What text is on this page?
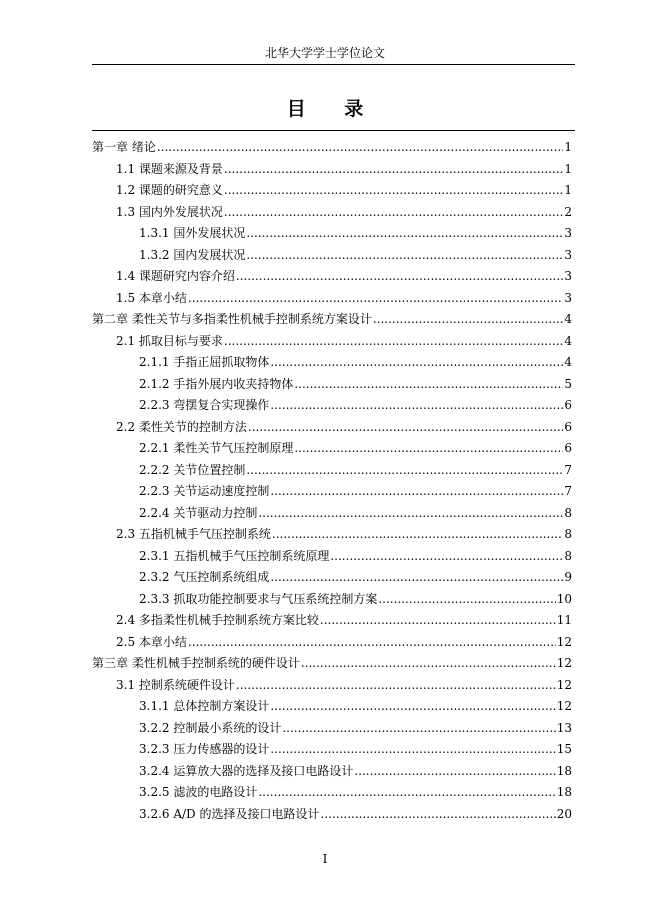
北华大学学士学位论文
目 录
第一章 绪论 .....	1
1.1 课题来源及背景 .....	1
1.2 课题的研究意义 .....	1
1.3 国内外发展状况 .....	2
1.3.1 国外发展状况 .....	3
1.3.2 国内发展状况 .....	3
1.4 课题研究内容介绍 .....	3
1.5 本章小结 .....	3
第二章 柔性关节与多指柔性机械手控制系统方案设计 .....	4
2.1 抓取目标与要求 .....	4
2.1.1 手指正屈抓取物体 .....	4
2.1.2 手指外展内收夹持物体 .....	5
2.2.3 弯摆复合实现操作 .....	6
2.2 柔性关节的控制方法 .....	6
2.2.1 柔性关节气压控制原理 .....	6
2.2.2 关节位置控制 .....	7
2.2.3 关节运动速度控制 .....	7
2.2.4 关节驱动力控制 .....	8
2.3 五指机械手气压控制系统 .....	8
2.3.1 五指机械手气压控制系统原理 .....	8
2.3.2 气压控制系统组成 .....	9
2.3.3 抓取功能控制要求与气压系统控制方案 .....	10
2.4 多指柔性机械手控制系统方案比较 .....	11
2.5 本章小结 .....	12
第三章 柔性机械手控制系统的硬件设计 .....	12
3.1 控制系统硬件设计 .....	12
3.1.1 总体控制方案设计 .....	12
3.2.2 控制最小系统的设计 .....	13
3.2.3 压力传感器的设计 .....	15
3.2.4 运算放大器的选择及接口电路设计 .....	18
3.2.5 滤波的电路设计 .....	18
3.2.6 A/D 的选择及接口电路设计 .....	20
I
